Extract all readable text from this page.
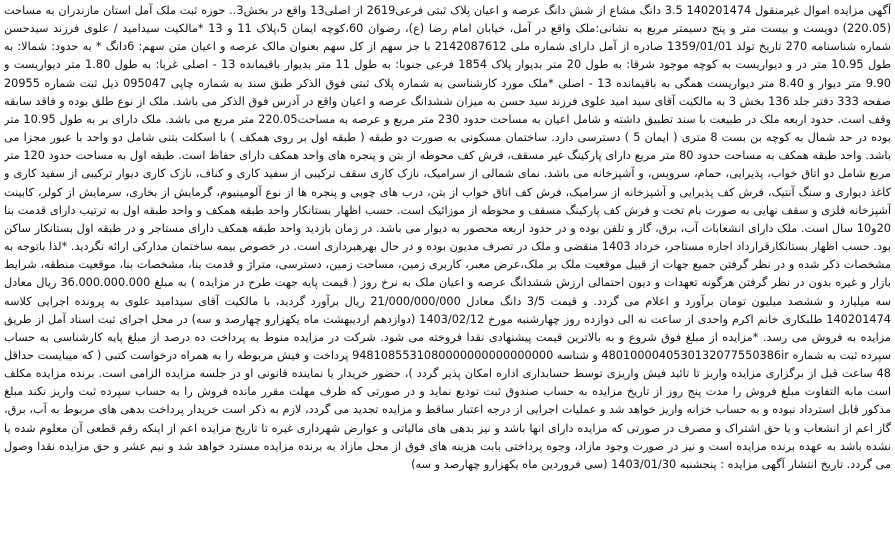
آگهی مزایده اموال غیرمنقول 140201474 3.5 دانگ مشاع از شش دانگ عرصه و اعیان پلاک ثبتی فرعی2619 از اصلی13 واقع در بخش3.. حوزه ثبت ملک آمل استان مازندران به مساحت (220.05) دویست و بیست متر و پنج دسیمتر مربع به نشانی:ملک واقع در آمل، خیابان امام رضا (ع)، رضوان 60،کوچه ایمان 5،پلاک 11 و 13 *مالکیت سیدامید / علوی فرزند سیدحسن شماره شناسنامه 270 تاریخ تولد 1359/01/01 صادره از آمل دارای شماره ملی 2142087612 با جز سهم از کل سهم بعنوان مالک عرصه و اعیان متن سهم: 6دانگ * به حدود: شمالا: به طول 10.95 متر در و دیواریست به کوچه موجود شرقا: به طول 20 متر بدیوار پلاک 1854 فرعی جنوبا: به طول 11 متر بدیوار باقیمانده 13 - اصلی غربا: به طول 1.80 متر دیواریست و 9.90 متر دیوار و 8.40 متر دیواریست همگی به باقیمانده 13 - اصلی *ملک مورد کارشناسی به شماره پلاک ثبتی فوق الذکر طبق سند به شماره چاپی 095047 ذیل ثبت شماره 20955 صفحه 333 دفتر جلد 136 بخش 3 به مالکیت آقای سید امید علوی فرزند سید حسن به میزان ششدانگ عرصه و اعیان واقع در آدرس فوق الذکر می باشد. ملک از نوع طلق بوده و فاقد سابقه وقف است. حدود اربعه ملک در طبیعت با سند تطبیق داشته و شامل اعیان به مساحت حدود 230 متر مربع و عرصه به مساحت220.05 متر مربع می باشد. ملک دارای بر به طول 10.95 متر بوده در حد شمال به کوچه بن بست 8 متری ( ایمان 5 ) دسترسی دارد. ساختمان مسکونی به صورت دو طبقه ( طبقه اول بر روی همکف ) با اسکلت بتنی شامل دو واحد با عبور مجزا می باشد. واحد طبقه همکف به مساحت حدود 80 متر مربع دارای پارکینگ غیر مسقف، فرش کف محوطه از بتن و پنجره های واحد همکف دارای حفاظ است. طبقه اول به مساحت حدود 120 متر مربع شامل دو اتاق خواب، پذیرایی، حمام، سرویس، و آشپزخانه می باشد. نمای شمالی از سرامیک، نازک کاری سقف ترکیبی از سفید کاری و کناف، نازک کاری دیوار ترکیبی از سفید کاری و کاغذ دیواری و سنگ آنتیک، فرش کف پذیرایی و آشپزخانه از سرامیک، فرش کف اتاق خواب از بتن، درب های چوبی و پنجره ها از نوع آلومینیوم، گرمایش از بخاری، سرمایش از کولر، کابینت آشپزخانه فلزی و سقف نهایی به صورت بام تخت و فرش کف پارکینگ مسقف و محوطه از موزائیک است. حسب اظهار بستانکار واحد طبقه همکف و واحد طبقه اول به ترتیب دارای قدمت بنا 20و10 سال است. ملک دارای انشعابات آب، برق، گاز و تلفن بوده و در حدود اربعه محصور به دیوار می باشد. در زمان بازدید واحد طبقه همکف دارای مستاجر و در طبقه اول بستانکار ساکن بود. حسب اظهار بستانکارقرارداد اجاره مستاجر، خرداد 1403 منقضی و ملک در تصرف مدیون بوده و در حال بهرهبرداری است. در خصوص بیمه ساختمان مدارکی ارائه نگردید. *لذا باتوجه به مشخصات ذکر شده و در نظر گرفتن جمیع جهات از قبیل موقعیت ملک بر ملک،عرض معبر، کاربری زمین، مساحت زمین، دسترسی، متراژ و قدمت بنا، مشخصات بنا، موقعیت منطقه، شرایط بازار و غیره بدون در نظر گرفتن هرگونه تعهدات و دیون احتمالی ارزش ششدانگ عرصه و اعیان ملک به نرخ روز ( قیمت پایه جهت طرح در مزایده ) به مبلغ 36.000.000.000 ریال معادل سه میلیارد و ششصد میلیون تومان برآورد و اعلام می گردد. و قیمت 3/5 دانگ معادل 21/000/000/000 ریال برآورد گردید، با مالکیت آقای سیدامید علوی به پرونده اجرایی کلاسه 140201474 طلبکاری خانم اکرم واحدی از ساعت نه الی دوازده روز چهارشنبه مورخ 1403/02/12 (دوازدهم اردیبهشت ماه یکهزارو چهارصد و سه) در محل اجرای ثبت اسناد آمل از طریق مزایده به فروش می رسد. *مزایده از مبلغ فوق شروع و به بالاترین قیمت پیشنهادی نقدا فروخته می شود. شرکت در مزایده منوط به پرداخت ده درصد از مبلغ پایه کارشناسی به حساب سپرده ثبت به شماره 4801000040530132077550386ir و شناسه 9481085531080000000000000000 پرداخت و فیش مربوطه را به همراه درخواست کتبی ( که میبایست حداقل 48 ساعت قبل از برگزاری مزایده واریز تا تائید فیش واریزی توسط حسابداری اداره امکان پذیر گردد )، حضور خریدار یا نماینده قانونی او در جلسه مزایده الزامی است. برنده مزایده مکلف است مابه التفاوت مبلغ فروش را مدت پنج روز از تاریخ مزایده به حساب صندوق ثبت تودیع نماید و در صورتی که ظرف مهلت مقرر مانده فروش را به حساب سپرده ثبت واریز نکند مبلغ مذکور قابل استرداد نبوده و به حساب خزانه واریز خواهد شد و عملیات اجرایی از درجه اعتبار ساقط و مزایده تجدید می گردد، لازم به ذکر است خریدار پرداخت بدهی های مربوط به آب، برق، گاز اعم از انشعاب و یا حق اشتراک و مصرف در صورتی که مزایده دارای انها باشد و نیز بدهی های مالیاتی و عوارض شهرداری غیره تا تاریخ مزایده اعم از اینکه رقم قطعی آن معلوم شده یا نشده باشد به عهده برنده مزایده است و نیز در صورت وجود مازاد، وجوه پرداختی بابت هزینه های فوق از محل مازاد به برنده مزایده مسترد خواهد شد و نیم عشر و حق مزایده نقدا وصول می گردد. تاریخ انتشار آگهی مزایده : پنجشنبه 1403/01/30 (سی فروردین ماه یکهزارو چهارصد و سه)
